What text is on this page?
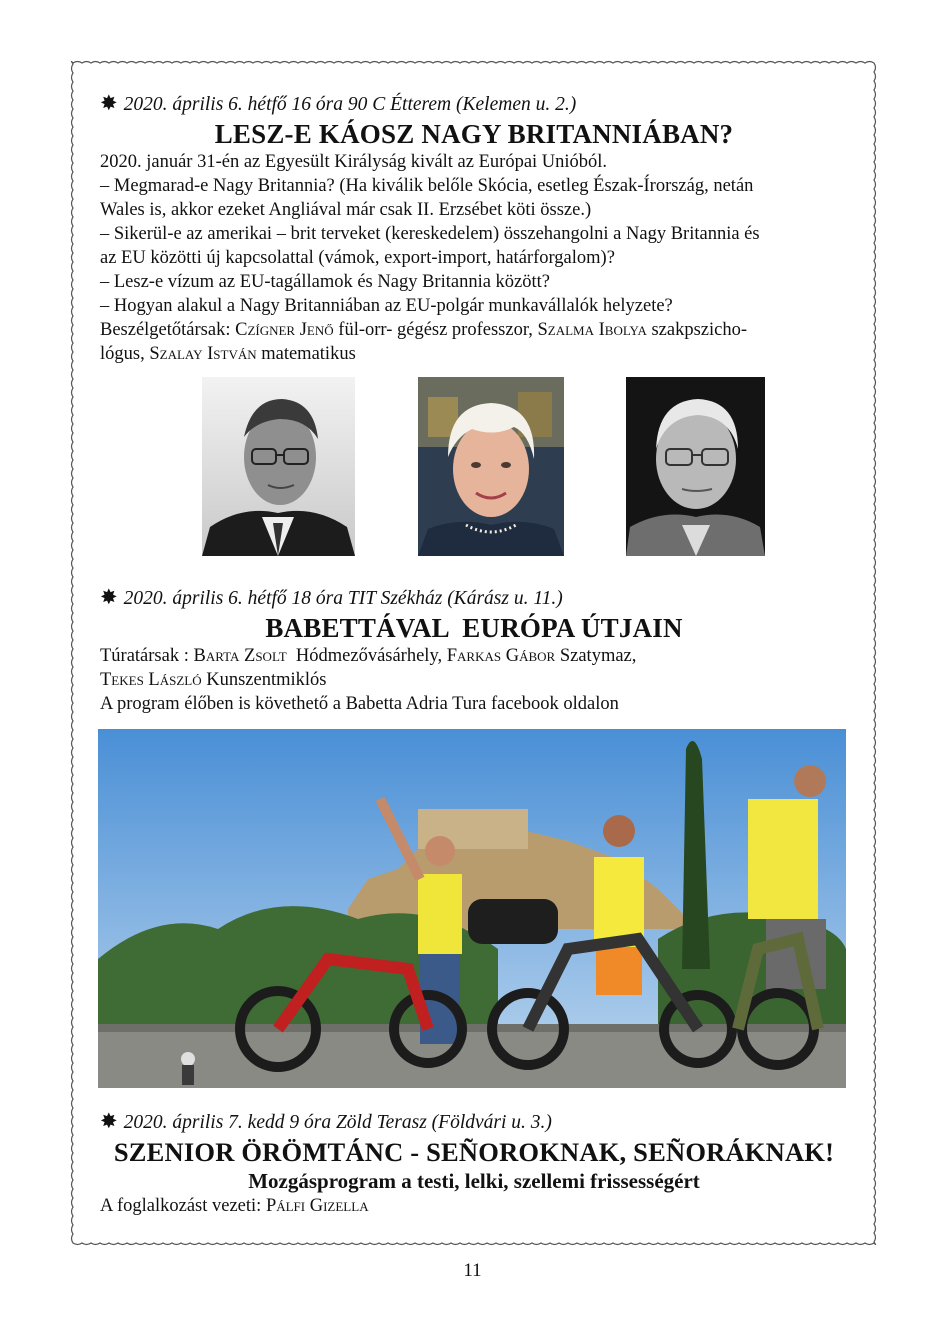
✸ 2020. április 6. hétfő 16 óra 90 C Étterem (Kelemen u. 2.)

LESZ-E KÁOSZ NAGY BRITANNIÁBAN?

2020. január 31-én az Egyesült Királyság kivált az Európai Unióból.

– Megmarad-e Nagy Britannia? (Ha kiválik belőle Skócia, esetleg Észak-Írország, netán

Wales is, akkor ezeket Angliával már csak II. Erzsébet köti össze.)

– Sikerül-e az amerikai – brit terveket (kereskedelem) összehangolni a Nagy Britannia és

az EU közötti új kapcsolattal (vámok, export-import, határforgalom)?

– Lesz-e vízum az EU-tagállamok és Nagy Britannia között?

– Hogyan alakul a Nagy Britanniában az EU-polgár munkavállalók helyzete?

Beszélgetőtársak: Czígner Jenő fül-orr- gégész professzor, Szalma Ibolya szakpszicho-

lógus, Szalay István matematikus

✸ 2020. április 6. hétfő 18 óra TIT Székház (Kárász u. 11.)

BABETTÁVAL  EURÓPA ÚTJAIN

Túratársak : Barta Zsolt  Hódmezővásárhely, Farkas Gábor Szatymaz,

Tekes László Kunszentmiklós

A program élőben is követhető a Babetta Adria Tura facebook oldalon

✸ 2020. április 7. kedd 9 óra Zöld Terasz (Földvári u. 3.)

SZENIOR ÖRÖMTÁNC - SEÑOROKNAK, SEÑORÁKNAK!

Mozgásprogram a testi, lelki, szellemi frissességért

A foglalkozást vezeti: Pálfi Gizella

11
